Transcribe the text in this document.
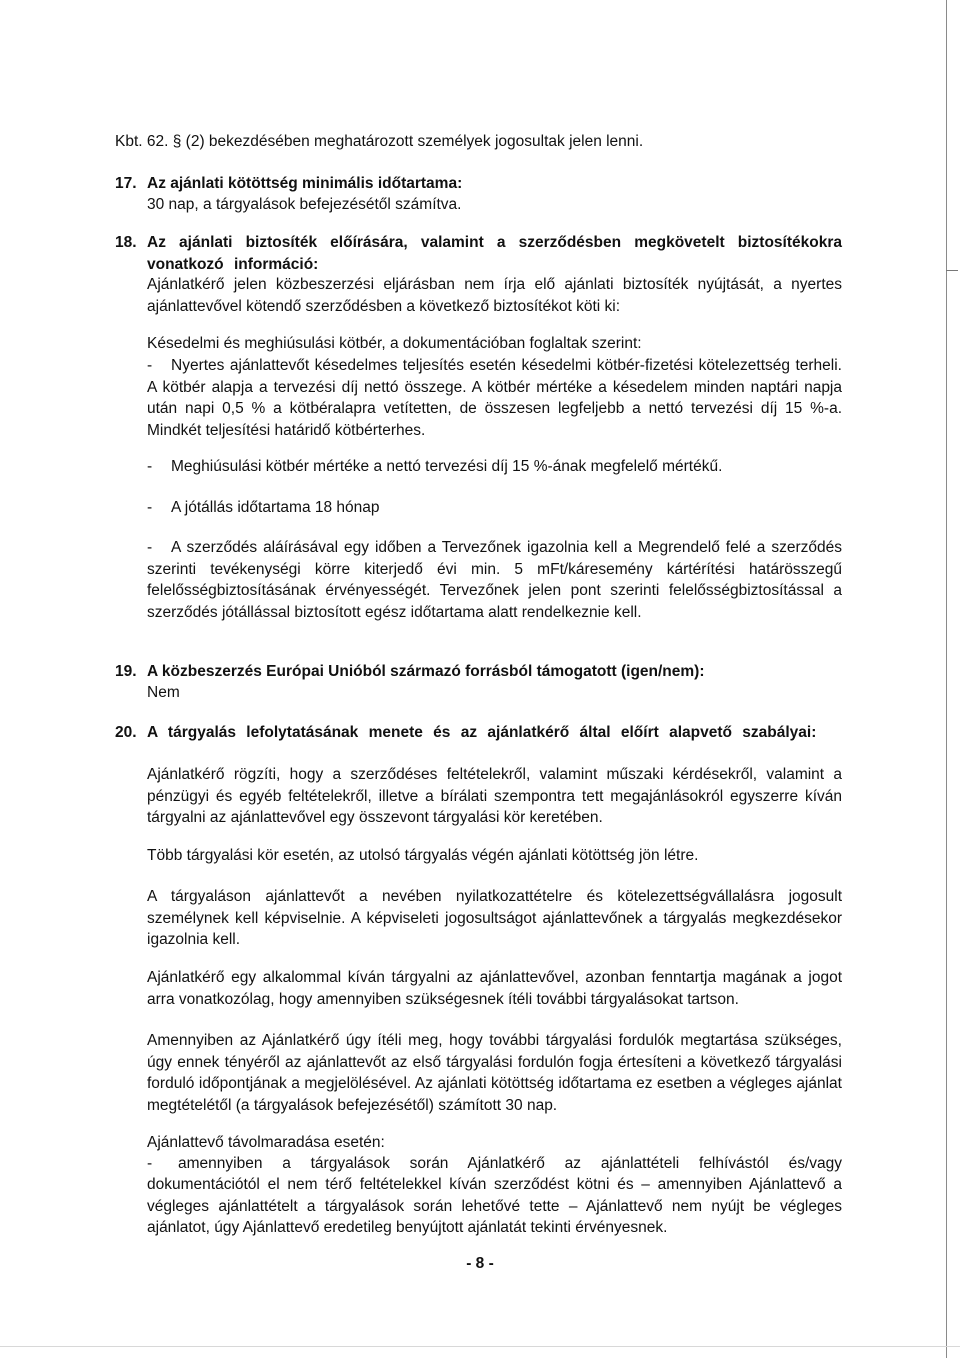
Kbt. 62. § (2) bekezdésében meghatározott személyek jogosultak jelen lenni.

17. Az ajánlati kötöttség minimális időtartama:

30 nap, a tárgyalások befejezésétől számítva.

18. Az ajánlati biztosíték előírására, valamint a szerződésben megkövetelt biztosítékokra vonatkozó információ:

Ajánlatkérő jelen közbeszerzési eljárásban nem írja elő ajánlati biztosíték nyújtását, a nyertes ajánlattevővel kötendő szerződésben a következő biztosítékot köti ki:

Késedelmi és meghiúsulási kötbér, a dokumentációban foglaltak szerint:

-	Nyertes ajánlattevőt késedelmes teljesítés esetén késedelmi kötbér-fizetési kötelezettség terheli. A kötbér alapja a tervezési díj nettó összege. A kötbér mértéke a késedelem minden naptári napja után napi 0,5 % a kötbéralapra vetítetten, de összesen legfeljebb a nettó tervezési díj 15 %-a. Mindkét teljesítési határidő kötbérterhes.

- Meghiúsulási kötbér mértéke a nettó tervezési díj 15 %-ának megfelelő mértékű.

- A jótállás időtartama 18 hónap

-	A szerződés aláírásával egy időben a Tervezőnek igazolnia kell a Megrendelő felé a szerződés szerinti tevékenységi körre kiterjedő évi min. 5 mFt/káresemény kártérítési határösszegű felelősségbiztosításának érvényességét. Tervezőnek jelen pont szerinti felelősségbiztosítással a szerződés jótállással biztosított egész időtartama alatt rendelkeznie kell.

19. A közbeszerzés Európai Unióból származó forrásból támogatott (igen/nem):

Nem

20. A tárgyalás lefolytatásának menete és az ajánlatkérő által előírt alapvető szabályai:

Ajánlatkérő rögzíti, hogy a szerződéses feltételekről, valamint műszaki kérdésekről, valamint a pénzügyi és egyéb feltételekről, illetve a bírálati szempontra tett megajánlásokról egyszerre kíván tárgyalni az ajánlattevővel egy összevont tárgyalási kör keretében.

Több tárgyalási kör esetén, az utolsó tárgyalás végén ajánlati kötöttség jön létre.

A tárgyaláson ajánlattevőt a nevében nyilatkozattételre és kötelezettségvállalásra jogosult személynek kell képviselnie. A képviseleti jogosultságot ajánlattevőnek a tárgyalás megkezdésekor igazolnia kell.

Ajánlatkérő egy alkalommal kíván tárgyalni az ajánlattevővel, azonban fenntartja magának a jogot arra vonatkozólag, hogy amennyiben szükségesnek ítéli további tárgyalásokat tartson.

Amennyiben az Ajánlatkérő úgy ítéli meg, hogy további tárgyalási fordulók megtartása szükséges, úgy ennek tényéről az ajánlattevőt az első tárgyalási fordulón fogja értesíteni a következő tárgyalási forduló időpontjának a megjelölésével. Az ajánlati kötöttség időtartama ez esetben a végleges ajánlat megtételétől (a tárgyalások befejezésétől) számított 30 nap.

Ajánlattevő távolmaradása esetén:

- amennyiben a tárgyalások során Ajánlatkérő az ajánlattételi felhívástól és/vagy

dokumentációtól el nem térő feltételekkel kíván szerződést kötni és – amennyiben Ajánlattevő a végleges ajánlattételt a tárgyalások során lehetővé tette – Ajánlattevő nem nyújt be végleges ajánlatot, úgy Ajánlattevő eredetileg benyújtott ajánlatát tekinti érvényesnek.

- 8 -
